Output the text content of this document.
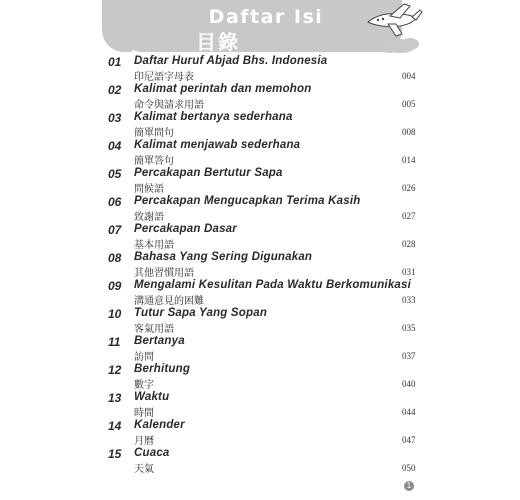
Daftar Isi
目錄
01 Daftar Huruf Abjad Bhs. Indonesia
印尼語字母表	004
02 Kalimat perintah dan memohon
命令與請求用語	005
03 Kalimat bertanya sederhana
簡單問句	008
04 Kalimat menjawab sederhana
簡單答句	014
05 Percakapan Bertutur Sapa
問候語	026
06 Percakapan Mengucapkan Terima Kasih
致謝語	027
07 Percakapan Dasar
基本用語	028
08 Bahasa Yang Sering Digunakan
其他習慣用語	031
09 Mengalami Kesulitan Pada Waktu Berkomunikasi
溝通意見的困難	033
10 Tutur Sapa Yang Sopan
客氣用語	035
11 Bertanya
訪問	037
12 Berhitung
數字	040
13 Waktu
時間	044
14 Kalender
月曆	047
15 Cuaca
天氣	050
1
